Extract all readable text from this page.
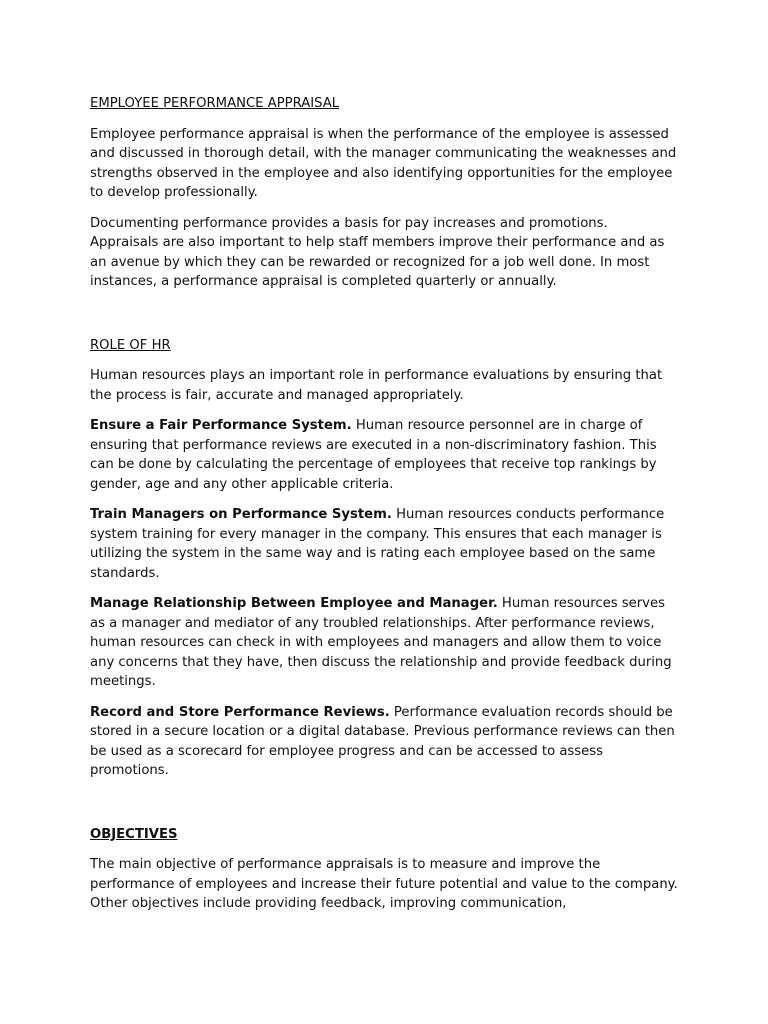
EMPLOYEE PERFORMANCE APPRAISAL

Employee performance appraisal is when the performance of the employee is assessed and discussed in thorough detail, with the manager communicating the weaknesses and strengths observed in the employee and also identifying opportunities for the employee to develop professionally.

Documenting performance provides a basis for pay increases and promotions. Appraisals are also important to help staff members improve their performance and as an avenue by which they can be rewarded or recognized for a job well done. In most instances, a performance appraisal is completed quarterly or annually.

ROLE OF HR

Human resources plays an important role in performance evaluations by ensuring that the process is fair, accurate and managed appropriately.

Ensure a Fair Performance System. Human resource personnel are in charge of ensuring that performance reviews are executed in a non-discriminatory fashion. This can be done by calculating the percentage of employees that receive top rankings by gender, age and any other applicable criteria.

Train Managers on Performance System. Human resources conducts performance system training for every manager in the company. This ensures that each manager is utilizing the system in the same way and is rating each employee based on the same standards.

Manage Relationship Between Employee and Manager. Human resources serves as a manager and mediator of any troubled relationships. After performance reviews, human resources can check in with employees and managers and allow them to voice any concerns that they have, then discuss the relationship and provide feedback during meetings.

Record and Store Performance Reviews. Performance evaluation records should be stored in a secure location or a digital database. Previous performance reviews can then be used as a scorecard for employee progress and can be accessed to assess promotions.

OBJECTIVES

The main objective of performance appraisals is to measure and improve the performance of employees and increase their future potential and value to the company. Other objectives include providing feedback, improving communication,
